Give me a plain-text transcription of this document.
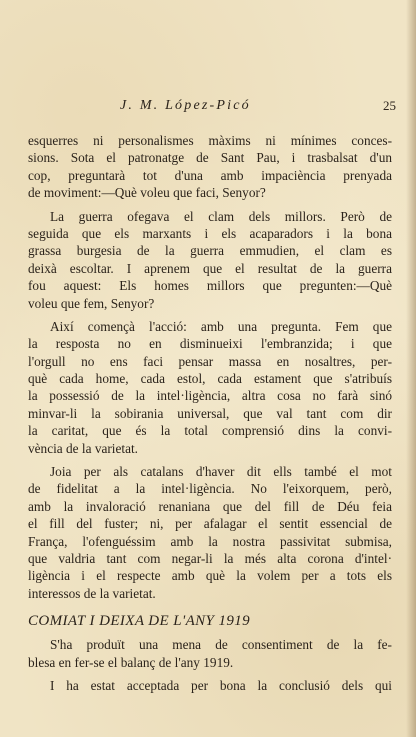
J. M. López-Picó	25
esquerres ni personalismes màxims ni mínimes conces-
sions. Sota el patronatge de Sant Pau, i trasbalsat d'un
cop, preguntarà tot d'una amb impaciència prenyada
de moviment:—Què voleu que faci, Senyor?
La guerra ofegava el clam dels millors. Però de
seguida que els marxants i els acaparadors i la bona
grassa burgesia de la guerra emmudien, el clam es
deixà escoltar. I aprenem que el resultat de la guerra
fou aquest: Els homes millors que pregunten:—Què
voleu que fem, Senyor?
Així començà l'acció: amb una pregunta. Fem que
la resposta no en disminueixi l'embranzida; i que
l'orgull no ens faci pensar massa en nosaltres, per-
què cada home, cada estol, cada estament que s'atribuís
la possessió de la intel·ligència, altra cosa no farà sinó
minvar-li la sobirania universal, que val tant com dir
la caritat, que és la total comprensió dins la convi-
vència de la varietat.
Joia per als catalans d'haver dit ells també el mot
de fidelitat a la intel·ligència. No l'eixorquem, però,
amb la invaloració renaniana que del fill de Déu feia
el fill del fuster; ni, per afalagar el sentit essencial de
França, l'ofenguéssim amb la nostra passivitat submisa,
que valdria tant com negar-li la més alta corona d'intel·
ligència i el respecte amb què la volem per a tots els
interessos de la varietat.
COMIAT I DEIXA DE L'ANY 1919
S'ha produït una mena de consentiment de la fe-
blesa en fer-se el balanç de l'any 1919.
I ha estat acceptada per bona la conclusió dels qui
